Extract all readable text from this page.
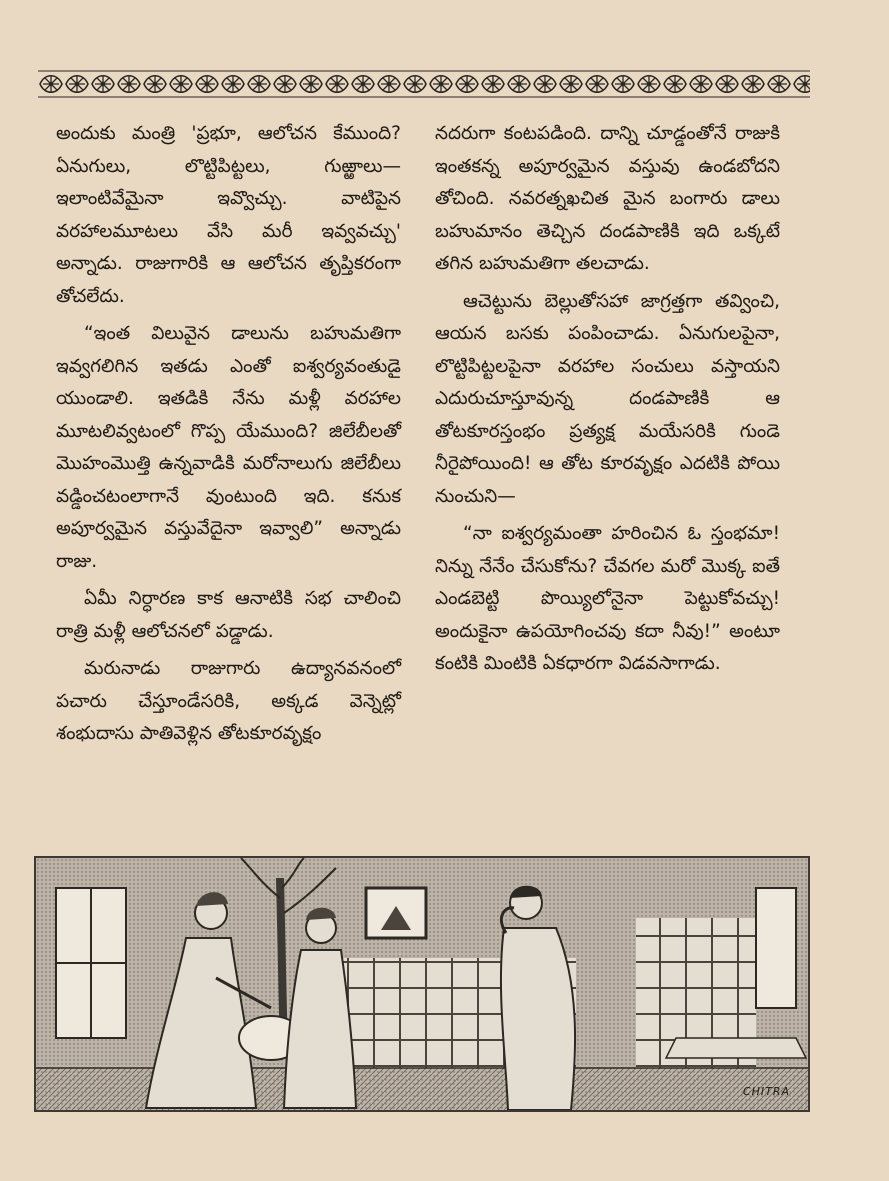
అందుకు మంత్రి 'ప్రభూ, ఆలోచన కేముంది? ఏనుగులు, లొట్టిపిట్టలు, గుఱ్ఱాలు—ఇలాంటివేమైనా ఇవ్వొచ్చు. వాటిపైన వరహాలమూటలు వేసి మరీ ఇవ్వవచ్చు' అన్నాడు. రాజుగారికి ఆ ఆలోచన తృప్తికరంగా తోచలేదు.

“ఇంత విలువైన డాలును బహుమతిగా ఇవ్వగలిగిన ఇతడు ఎంతో ఐశ్వర్యవంతుడై యుండాలి. ఇతడికి నేను మళ్లీ వరహాల మూటలివ్వటంలో గొప్ప యేముంది? జిలేబీలతో మొహంమొత్తి ఉన్నవాడికి మరోనాలుగు జిలేబీలు వడ్డించటంలాగానే వుంటుంది ఇది. కనుక అపూర్వమైన వస్తువేదైనా ఇవ్వాలి” అన్నాడు రాజు.

ఏమీ నిర్ధారణ కాక ఆనాటికి సభ చాలించి రాత్రి మళ్లీ ఆలోచనలో పడ్డాడు.

మరునాడు రాజుగారు ఉద్యానవనంలో పచారు చేస్తూండేసరికి, అక్కడ వెన్నెట్లో శంభుదాసు పాతివెళ్లిన తోటకూరవృక్షం

నదరుగా కంటపడింది. దాన్ని చూడ్డంతోనే రాజుకి ఇంతకన్న అపూర్వమైన వస్తువు ఉండబోదని తోచింది. నవరత్నఖచిత మైన బంగారు డాలు బహుమానం తెచ్చిన దండపాణికి ఇది ఒక్కటే తగిన బహుమతిగా తలచాడు.

ఆచెట్టును బెల్లుతోసహా జాగ్రత్తగా తవ్వించి, ఆయన బసకు పంపించాడు. ఏనుగులపైనా, లొట్టిపిట్టలపైనా వరహాల సంచులు వస్తాయని ఎదురుచూస్తూవున్న దండపాణికి ఆ తోటకూరస్తంభం ప్రత్యక్ష మయేసరికి గుండె నీరైపోయింది! ఆ తోట కూరవృక్షం ఎదటికి పోయి నుంచుని—

“నా ఐశ్వర్యమంతా హరించిన ఓ స్తంభమా! నిన్ను నేనేం చేసుకోను? చేవగల మరో మొక్క ఐతే ఎండబెట్టి పొయ్యిలోనైనా పెట్టుకోవచ్చు! అందుకైనా ఉపయోగించవు కదా నీవు!” అంటూ కంటికి మింటికి ఏకధారగా విడవసాగాడు.

CHITRA
